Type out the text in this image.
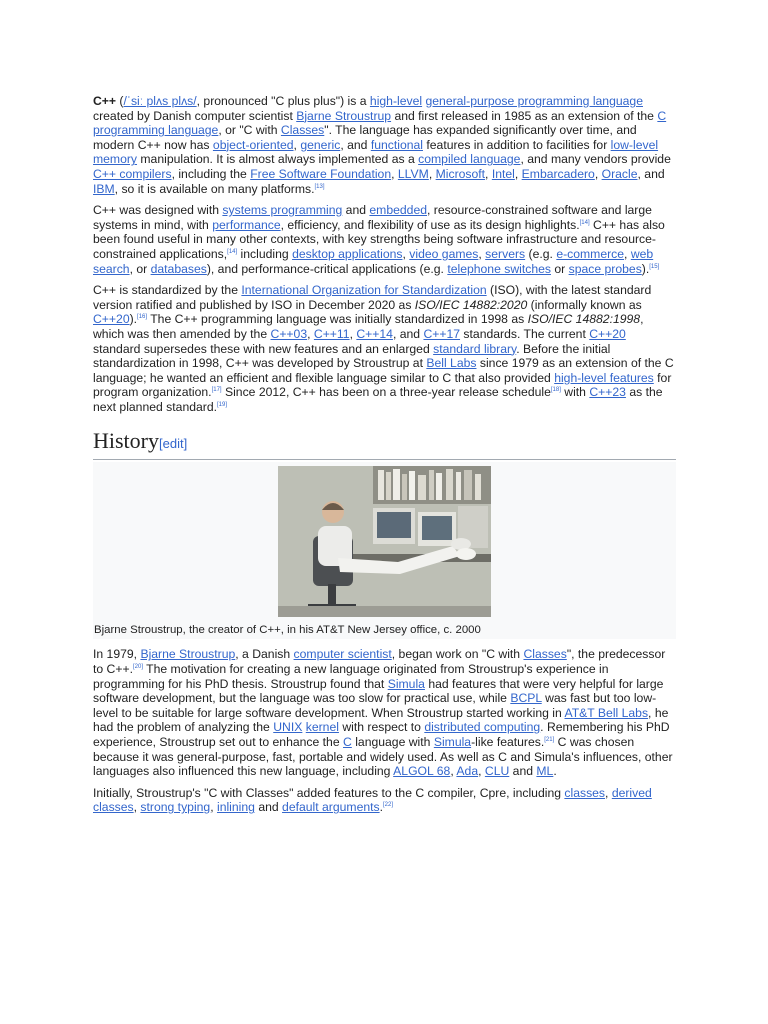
C++ (/ˈsiː plʌs plʌs/, pronounced "C plus plus") is a high-level general-purpose programming language created by Danish computer scientist Bjarne Stroustrup and first released in 1985 as an extension of the C programming language, or "C with Classes". The language has expanded significantly over time, and modern C++ now has object-oriented, generic, and functional features in addition to facilities for low-level memory manipulation. It is almost always implemented as a compiled language, and many vendors provide C++ compilers, including the Free Software Foundation, LLVM, Microsoft, Intel, Embarcadero, Oracle, and IBM, so it is available on many platforms.[13]

C++ was designed with systems programming and embedded, resource-constrained software and large systems in mind, with performance, efficiency, and flexibility of use as its design highlights.[14] C++ has also been found useful in many other contexts, with key strengths being software infrastructure and resource-constrained applications,[14] including desktop applications, video games, servers (e.g. e-commerce, web search, or databases), and performance-critical applications (e.g. telephone switches or space probes).[15]

C++ is standardized by the International Organization for Standardization (ISO), with the latest standard version ratified and published by ISO in December 2020 as ISO/IEC 14882:2020 (informally known as C++20).[16] The C++ programming language was initially standardized in 1998 as ISO/IEC 14882:1998, which was then amended by the C++03, C++11, C++14, and C++17 standards. The current C++20 standard supersedes these with new features and an enlarged standard library. Before the initial standardization in 1998, C++ was developed by Stroustrup at Bell Labs since 1979 as an extension of the C language; he wanted an efficient and flexible language similar to C that also provided high-level features for program organization.[17] Since 2012, C++ has been on a three-year release schedule[18] with C++23 as the next planned standard.[19]

History[edit]
Bjarne Stroustrup, the creator of C++, in his AT&T New Jersey office, c. 2000

In 1979, Bjarne Stroustrup, a Danish computer scientist, began work on "C with Classes", the predecessor to C++.[20] The motivation for creating a new language originated from Stroustrup's experience in programming for his PhD thesis. Stroustrup found that Simula had features that were very helpful for large software development, but the language was too slow for practical use, while BCPL was fast but too low-level to be suitable for large software development. When Stroustrup started working in AT&T Bell Labs, he had the problem of analyzing the UNIX kernel with respect to distributed computing. Remembering his PhD experience, Stroustrup set out to enhance the C language with Simula-like features.[21] C was chosen because it was general-purpose, fast, portable and widely used. As well as C and Simula's influences, other languages also influenced this new language, including ALGOL 68, Ada, CLU and ML.

Initially, Stroustrup's "C with Classes" added features to the C compiler, Cpre, including classes, derived classes, strong typing, inlining and default arguments.[22]
